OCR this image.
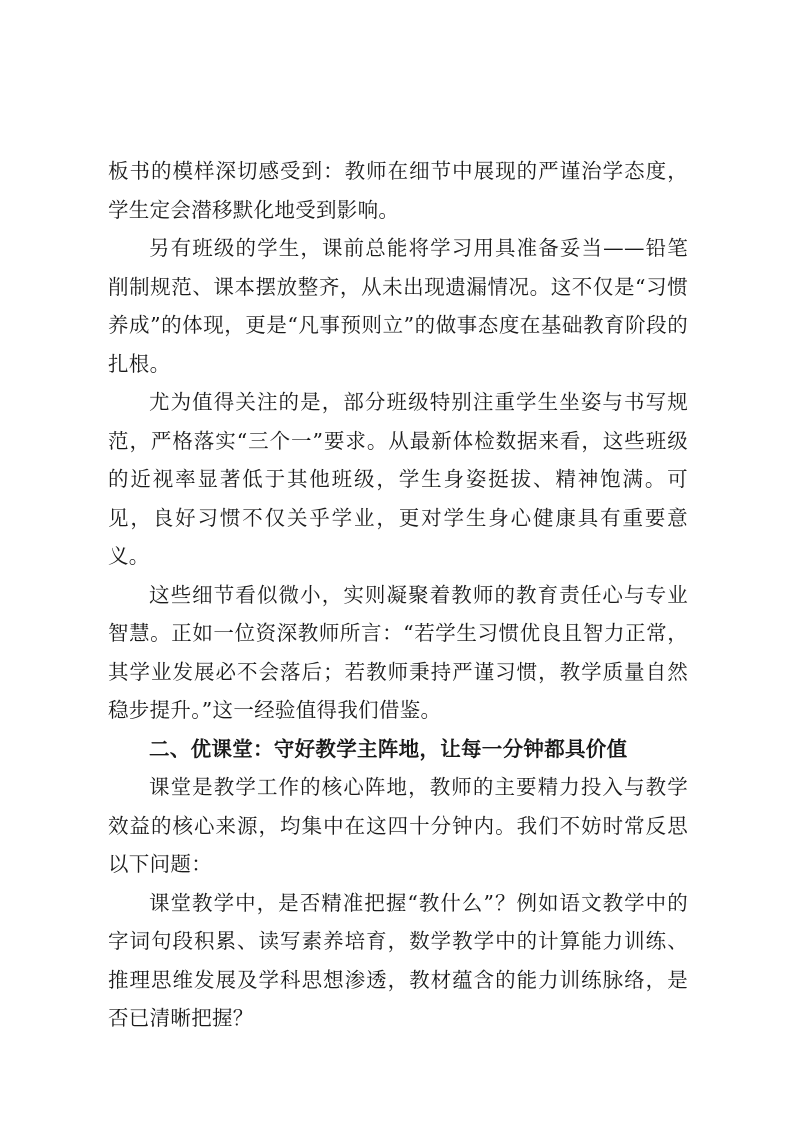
板书的模样深切感受到：教师在细节中展现的严谨治学态度，学生定会潜移默化地受到影响。

另有班级的学生，课前总能将学习用具准备妥当——铅笔削制规范、课本摆放整齐，从未出现遗漏情况。这不仅是“习惯养成”的体现，更是“凡事预则立”的做事态度在基础教育阶段的扎根。

尤为值得关注的是，部分班级特别注重学生坐姿与书写规范，严格落实“三个一”要求。从最新体检数据来看，这些班级的近视率显著低于其他班级，学生身姿挺拔、精神饱满。可见，良好习惯不仅关乎学业，更对学生身心健康具有重要意义。

这些细节看似微小，实则凝聚着教师的教育责任心与专业智慧。正如一位资深教师所言：“若学生习惯优良且智力正常，其学业发展必不会落后；若教师秉持严谨习惯，教学质量自然稳步提升。”这一经验值得我们借鉴。

二、优课堂：守好教学主阵地，让每一分钟都具价值

课堂是教学工作的核心阵地，教师的主要精力投入与教学效益的核心来源，均集中在这四十分钟内。我们不妨时常反思以下问题：

课堂教学中，是否精准把握“教什么”？例如语文教学中的字词句段积累、读写素养培育，数学教学中的计算能力训练、推理思维发展及学科思想渗透，教材蕴含的能力训练脉络，是否已清晰把握？
